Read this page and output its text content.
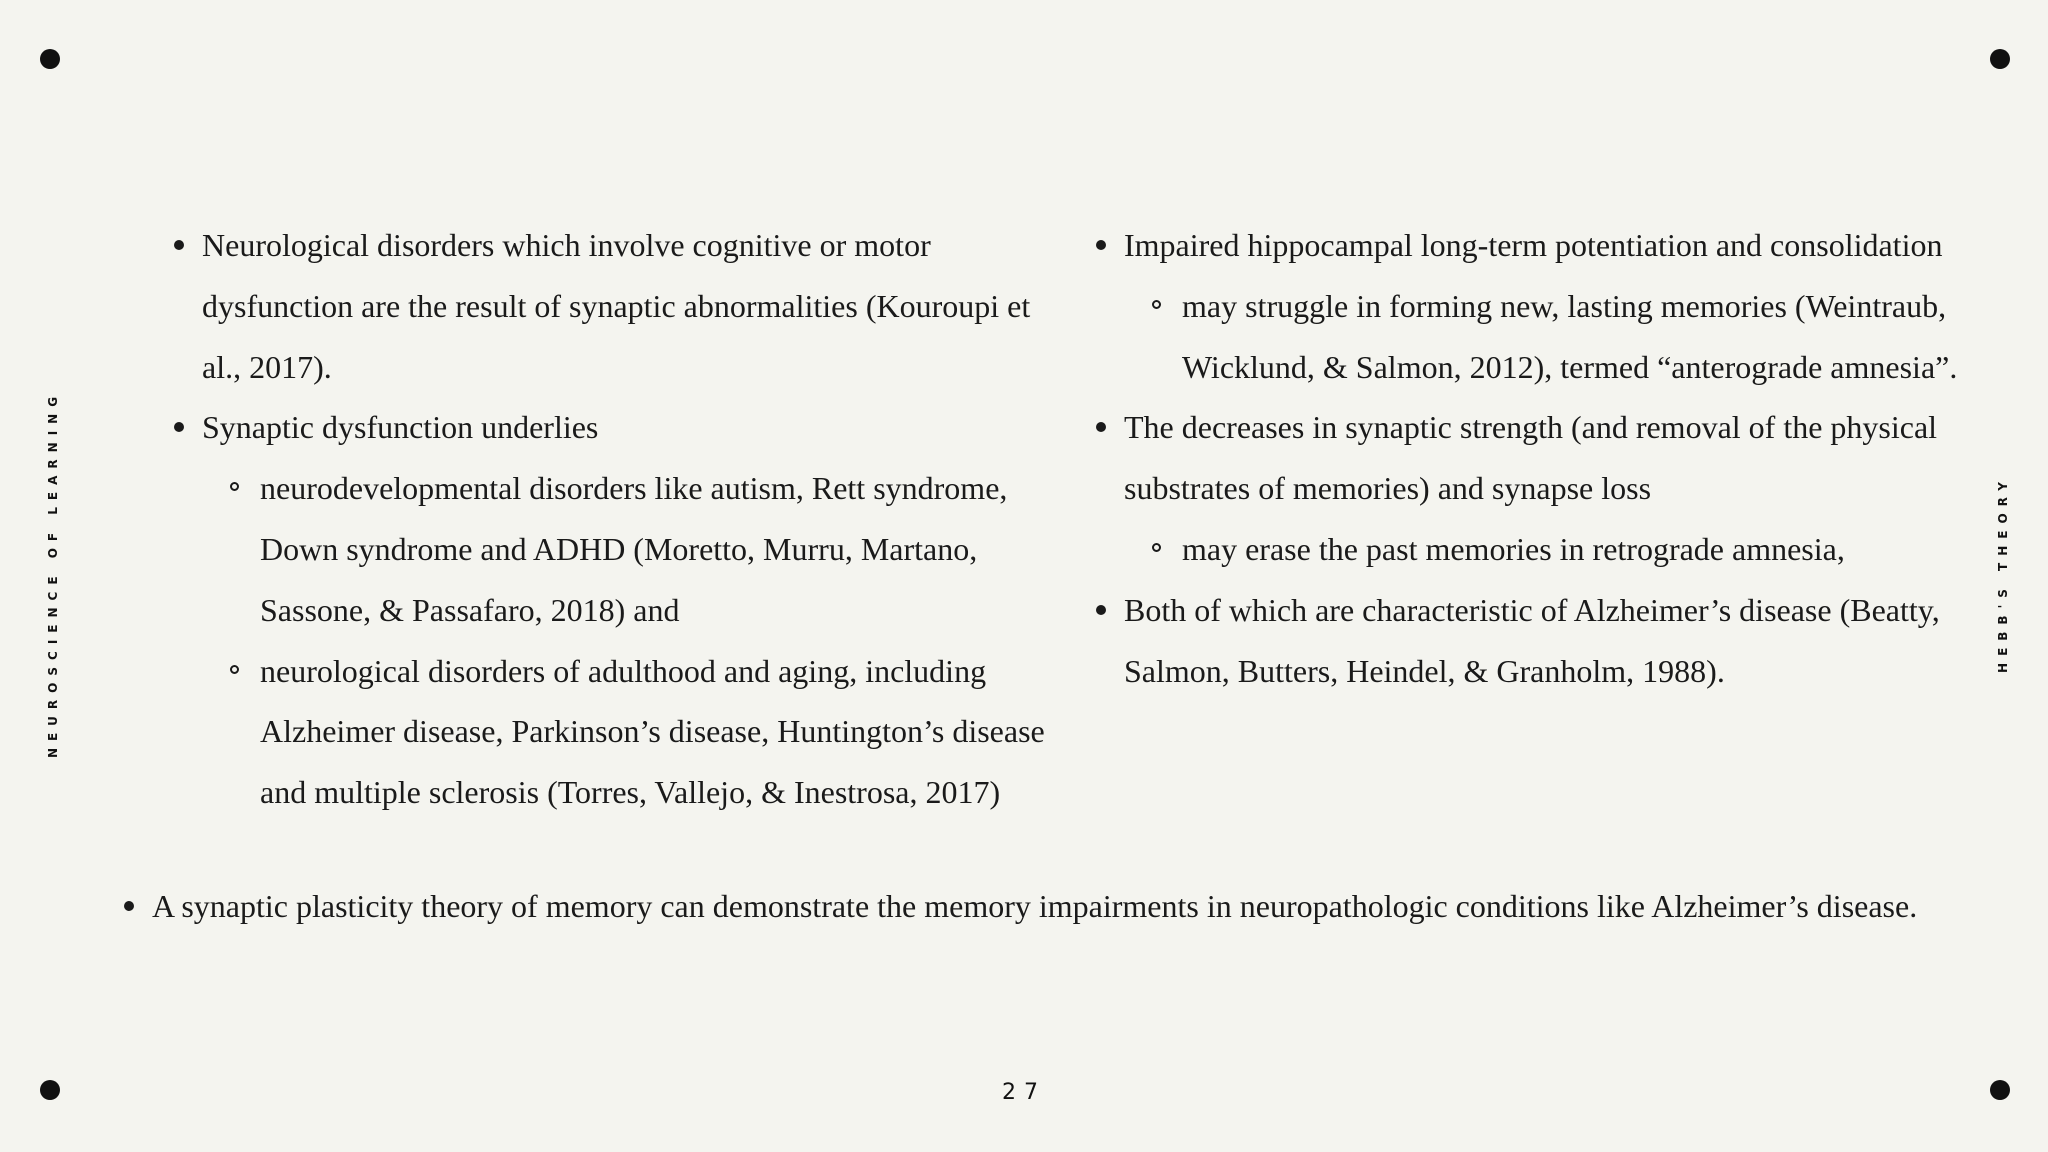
NEUROSCIENCE OF LEARNING	HEBB'S THEORY
Neurological disorders which involve cognitive or motor dysfunction are the result of synaptic abnormalities (Kouroupi et al., 2017).
Synaptic dysfunction underlies
neurodevelopmental disorders like autism, Rett syndrome, Down syndrome and ADHD (Moretto, Murru, Martano, Sassone, & Passafaro, 2018) and
neurological disorders of adulthood and aging, including Alzheimer disease, Parkinson’s disease, Huntington’s disease and multiple sclerosis (Torres, Vallejo, & Inestrosa, 2017)
Impaired hippocampal long-term potentiation and consolidation
may struggle in forming new, lasting memories (Weintraub, Wicklund, & Salmon, 2012), termed “anterograde amnesia”.
The decreases in synaptic strength (and removal of the physical substrates of memories) and synapse loss
may erase the past memories in retrograde amnesia,
Both of which are characteristic of Alzheimer’s disease (Beatty, Salmon, Butters, Heindel, & Granholm, 1988).
A synaptic plasticity theory of memory can demonstrate the memory impairments in neuropathologic conditions like Alzheimer’s disease.
27
